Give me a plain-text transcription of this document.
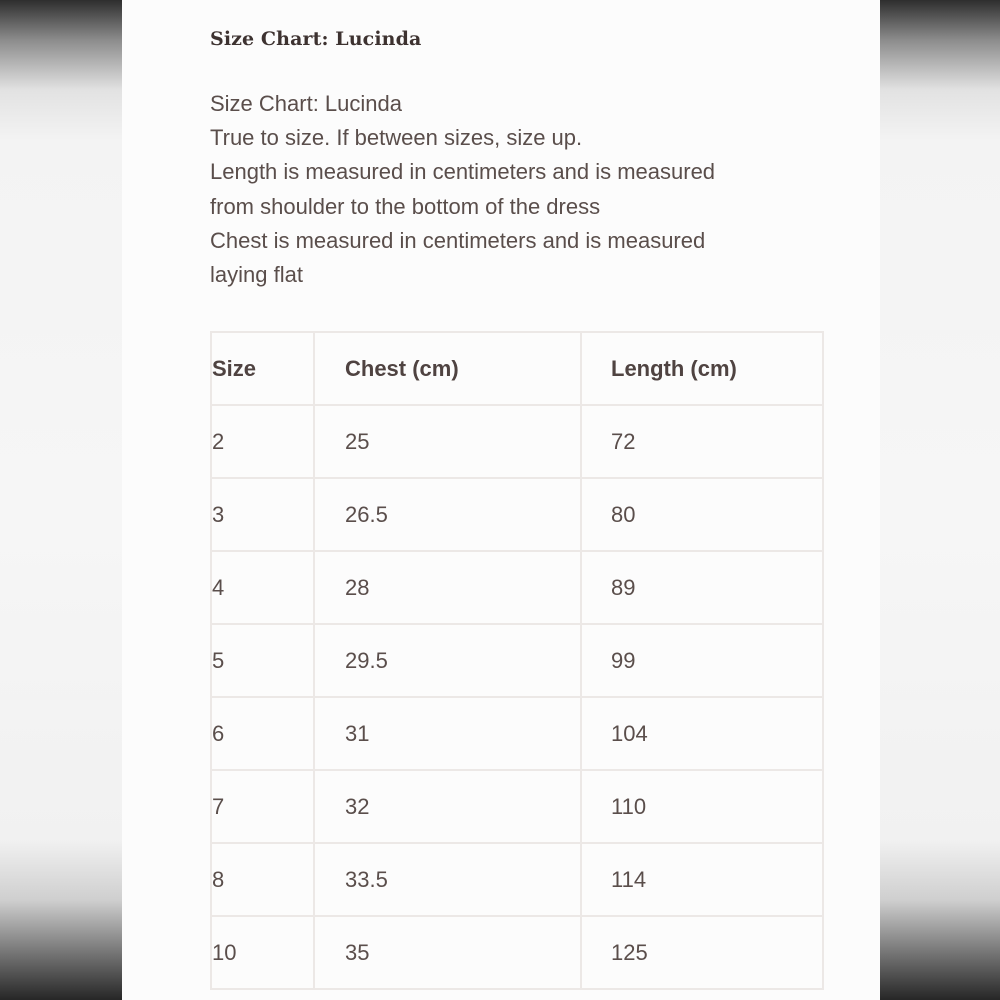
Size Chart: Lucinda
Size Chart: Lucinda
True to size. If between sizes, size up.
Length is measured in centimeters and is measured
from shoulder to the bottom of the dress
Chest is measured in centimeters and is measured
laying flat
Size	Chest (cm)	Length (cm)
2	25	72
3	26.5	80
4	28	89
5	29.5	99
6	31	104
7	32	110
8	33.5	114
10	35	125
